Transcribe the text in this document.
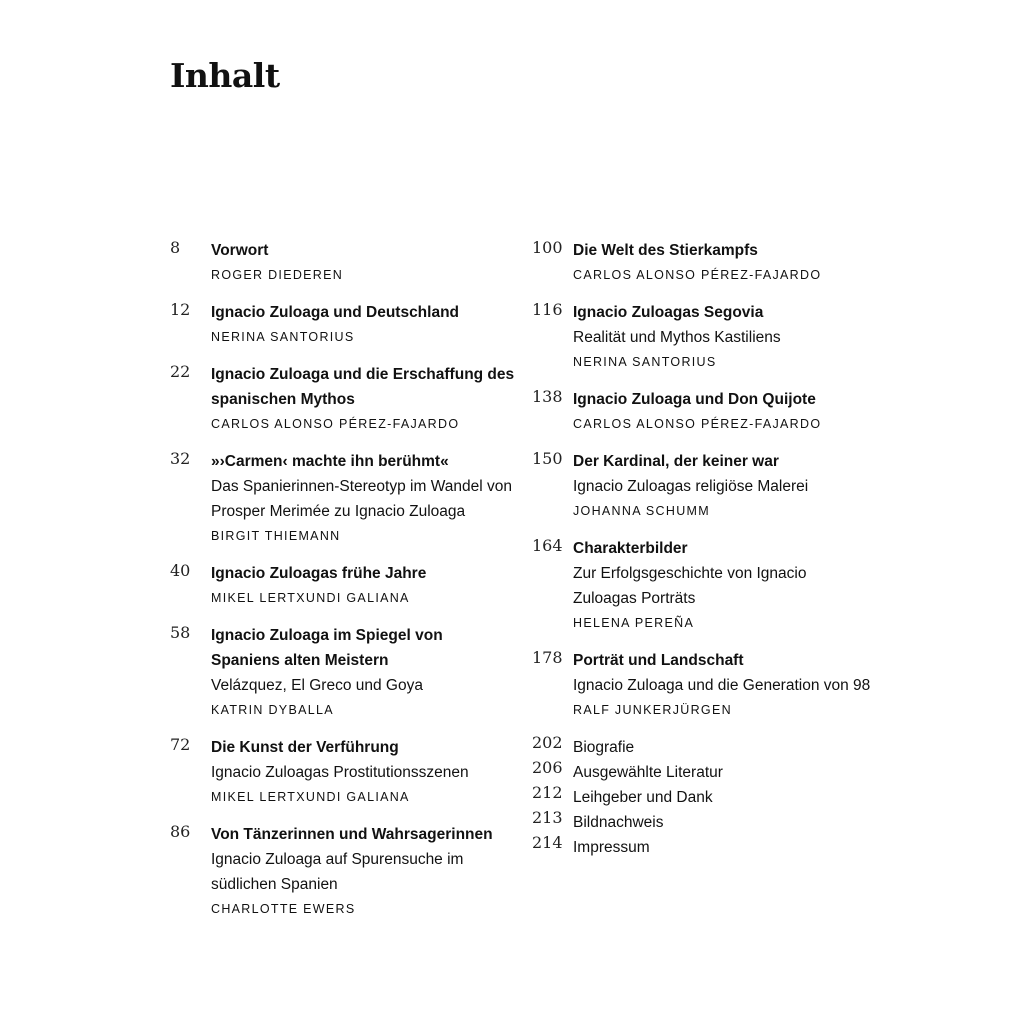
Inhalt
8 Vorwort
ROGER DIEDEREN
12 Ignacio Zuloaga und Deutschland
NERINA SANTORIUS
22 Ignacio Zuloaga und die Erschaffung des spanischen Mythos
CARLOS ALONSO PÉREZ-FAJARDO
32 »›Carmen‹ machte ihn berühmt«
Das Spanierinnen-Stereotyp im Wandel von Prosper Merimée zu Ignacio Zuloaga
BIRGIT THIEMANN
40 Ignacio Zuloagas frühe Jahre
MIKEL LERTXUNDI GALIANA
58 Ignacio Zuloaga im Spiegel von Spaniens alten Meistern
Velázquez, El Greco und Goya
KATRIN DYBALLA
72 Die Kunst der Verführung
Ignacio Zuloagas Prostitutionsszenen
MIKEL LERTXUNDI GALIANA
86 Von Tänzerinnen und Wahrsagerinnen
Ignacio Zuloaga auf Spurensuche im südlichen Spanien
CHARLOTTE EWERS
100 Die Welt des Stierkampfs
CARLOS ALONSO PÉREZ-FAJARDO
116 Ignacio Zuloagas Segovia
Realität und Mythos Kastiliens
NERINA SANTORIUS
138 Ignacio Zuloaga und Don Quijote
CARLOS ALONSO PÉREZ-FAJARDO
150 Der Kardinal, der keiner war
Ignacio Zuloagas religiöse Malerei
JOHANNA SCHUMM
164 Charakterbilder
Zur Erfolgsgeschichte von Ignacio Zuloagas Porträts
HELENA PEREÑA
178 Porträt und Landschaft
Ignacio Zuloaga und die Generation von 98
RALF JUNKERJÜRGEN
202 Biografie
206 Ausgewählte Literatur
212 Leihgeber und Dank
213 Bildnachweis
214 Impressum
